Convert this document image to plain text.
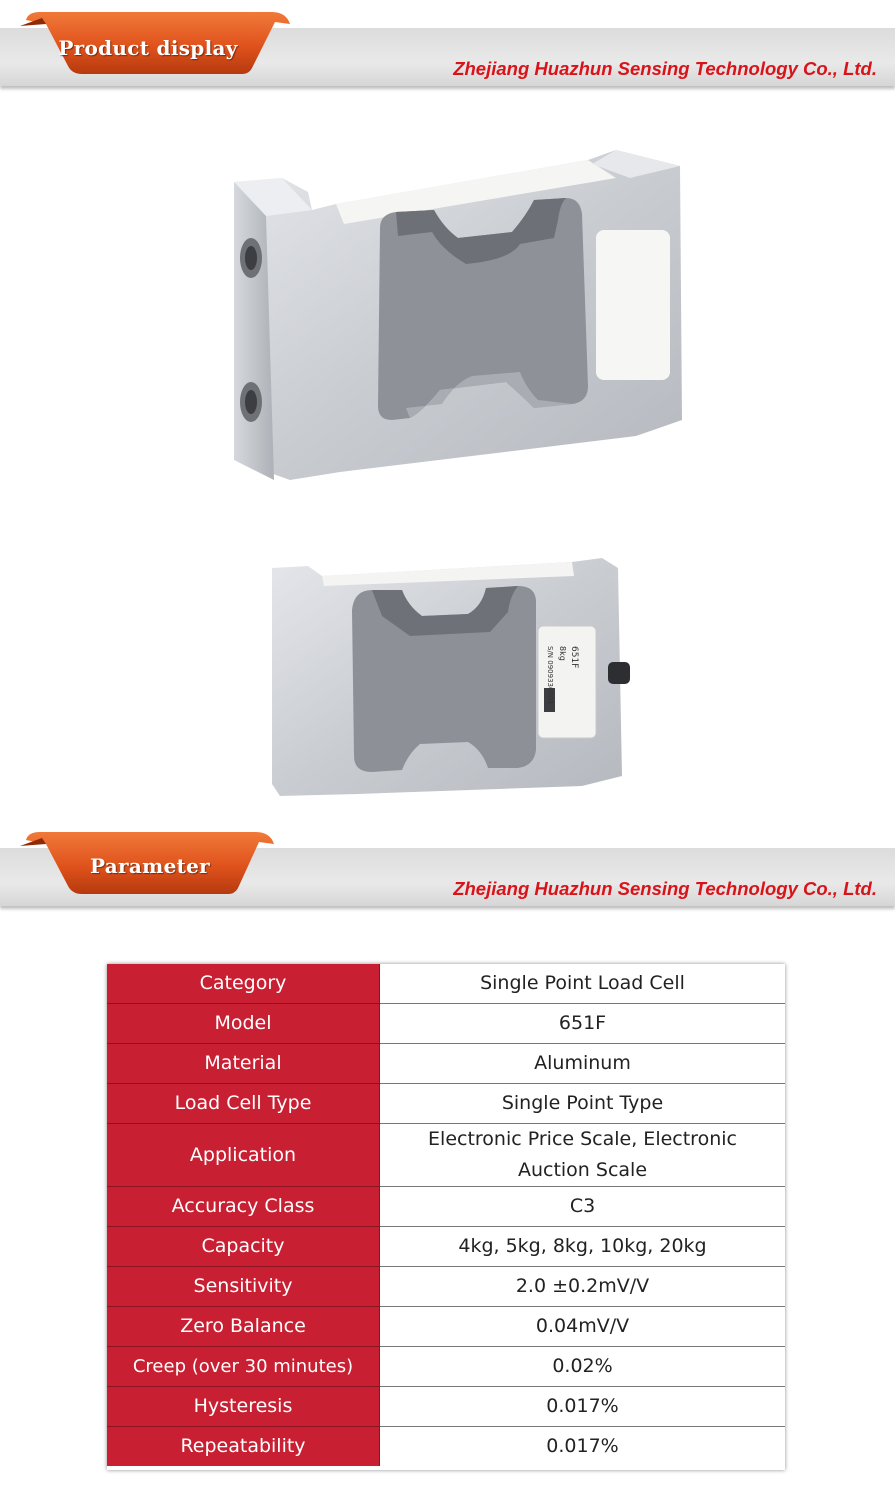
Product display
Zhejiang Huazhun Sensing Technology Co., Ltd.
651F
8kg
S/N 0909330001
Parameter
Zhejiang Huazhun Sensing Technology Co., Ltd.
Category	Single Point Load Cell
Model	651F
Material	Aluminum
Load Cell Type	Single Point Type
Application	Electronic Price Scale, Electronic Auction Scale
Accuracy Class	C3
Capacity	4kg, 5kg, 8kg, 10kg, 20kg
Sensitivity	2.0 ±0.2mV/V
Zero Balance	0.04mV/V
Creep (over 30 minutes)	0.02%
Hysteresis	0.017%
Repeatability	0.017%
